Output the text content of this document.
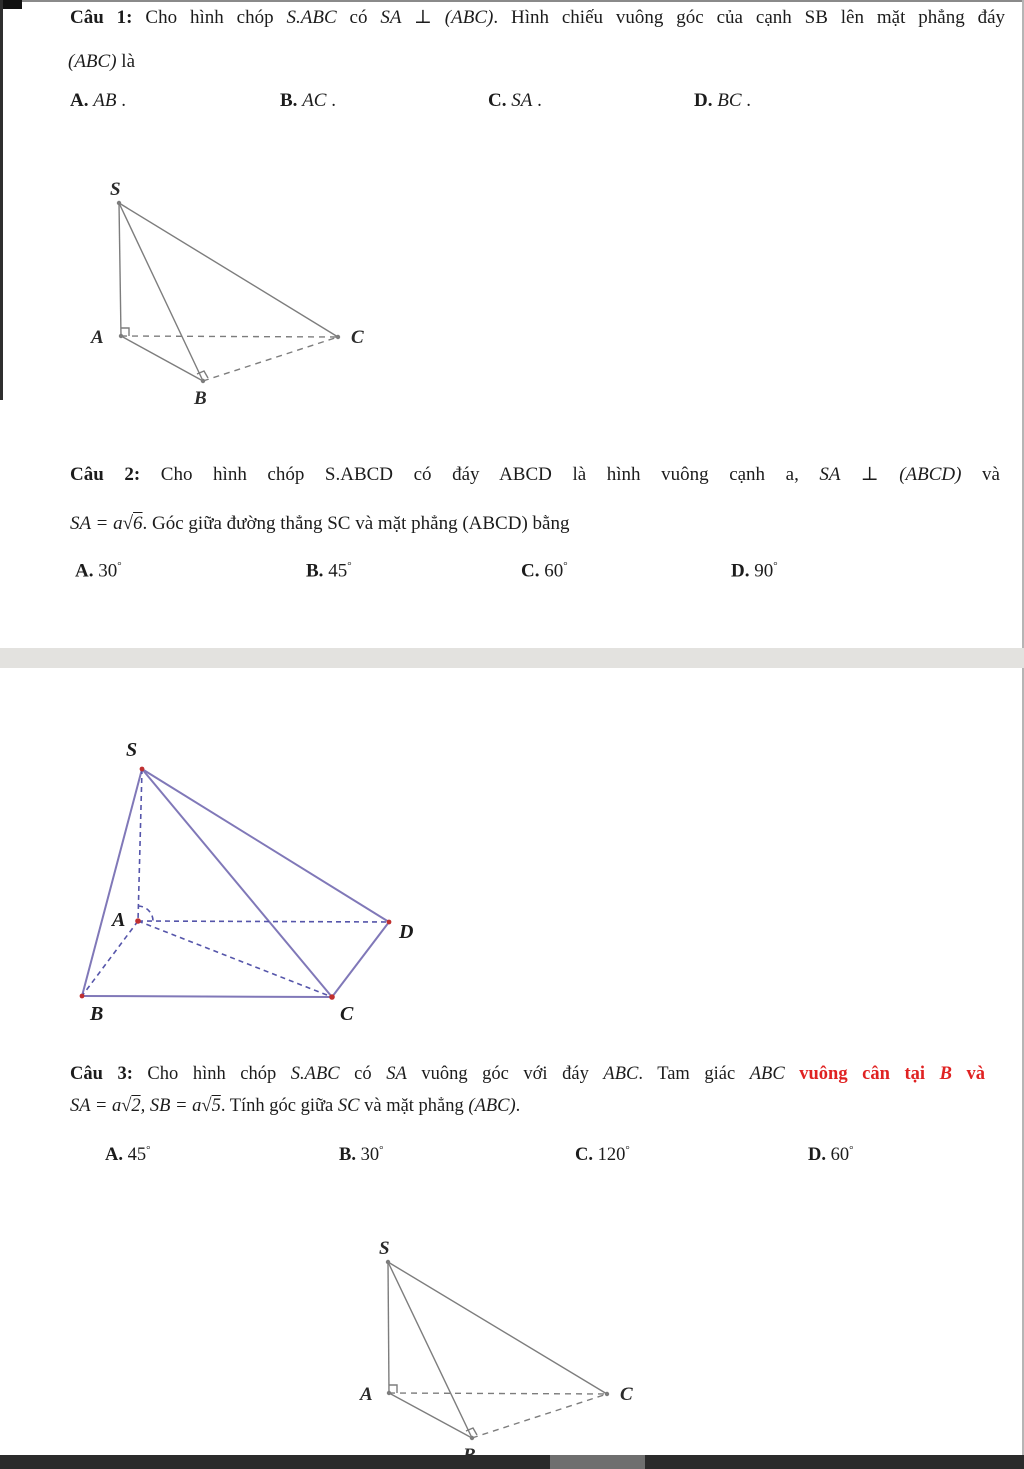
Câu 1: Cho hình chóp S.ABC có SA ⊥ (ABC). Hình chiếu vuông góc của cạnh SB lên mặt phẳng đáy
(ABC) là
A. AB .	B. AC .	C. SA .	D. BC .
S
A
B
C
Câu 2: Cho hình chóp S.ABCD có đáy ABCD là hình vuông cạnh a, SA ⊥ (ABCD) và
SA = a√6. Góc giữa đường thẳng SC và mặt phẳng (ABCD) bằng
A. 30°	B. 45°	C. 60°	D. 90°
S
A
B	C
D
Câu 3: Cho hình chóp S.ABC có SA vuông góc với đáy ABC. Tam giác ABC vuông cân tại B và
SA = a√2, SB = a√5. Tính góc giữa SC và mặt phẳng (ABC).
A. 45°	B. 30°	C. 120°	D. 60°
S
A	C
